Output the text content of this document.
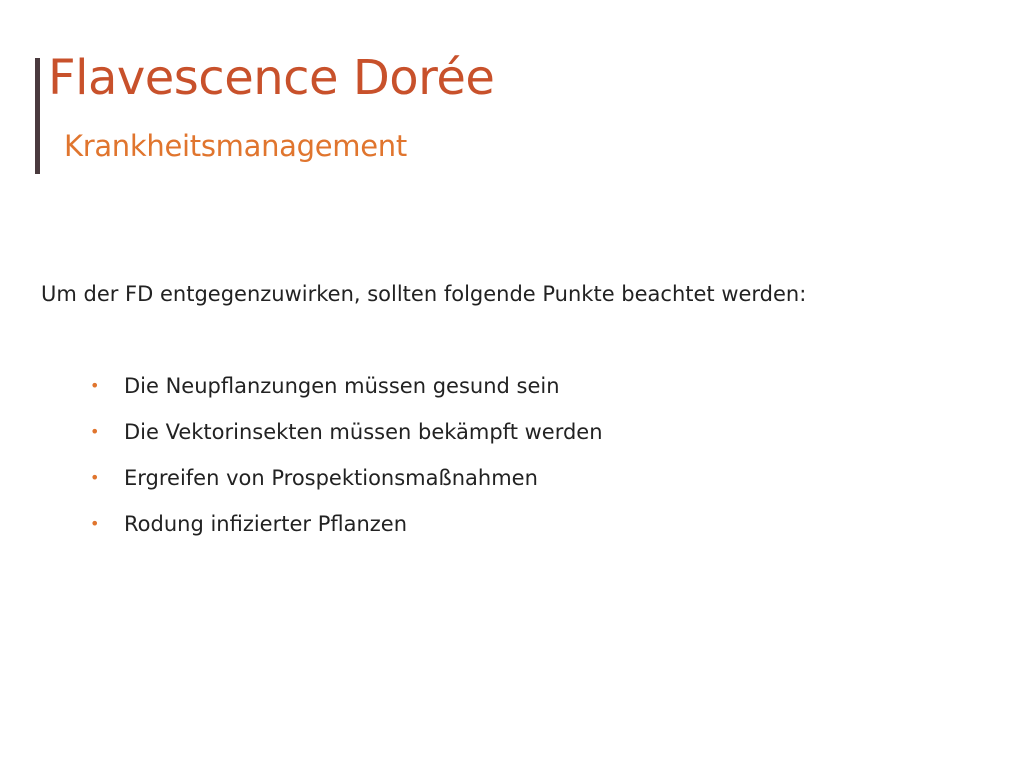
Flavescence Dorée
Krankheitsmanagement

Um der FD entgegenzuwirken, sollten folgende Punkte beachtet werden:

•	Die Neupflanzungen müssen gesund sein
•	Die Vektorinsekten müssen bekämpft werden
•	Ergreifen von Prospektionsmaßnahmen
•	Rodung infizierter Pflanzen
